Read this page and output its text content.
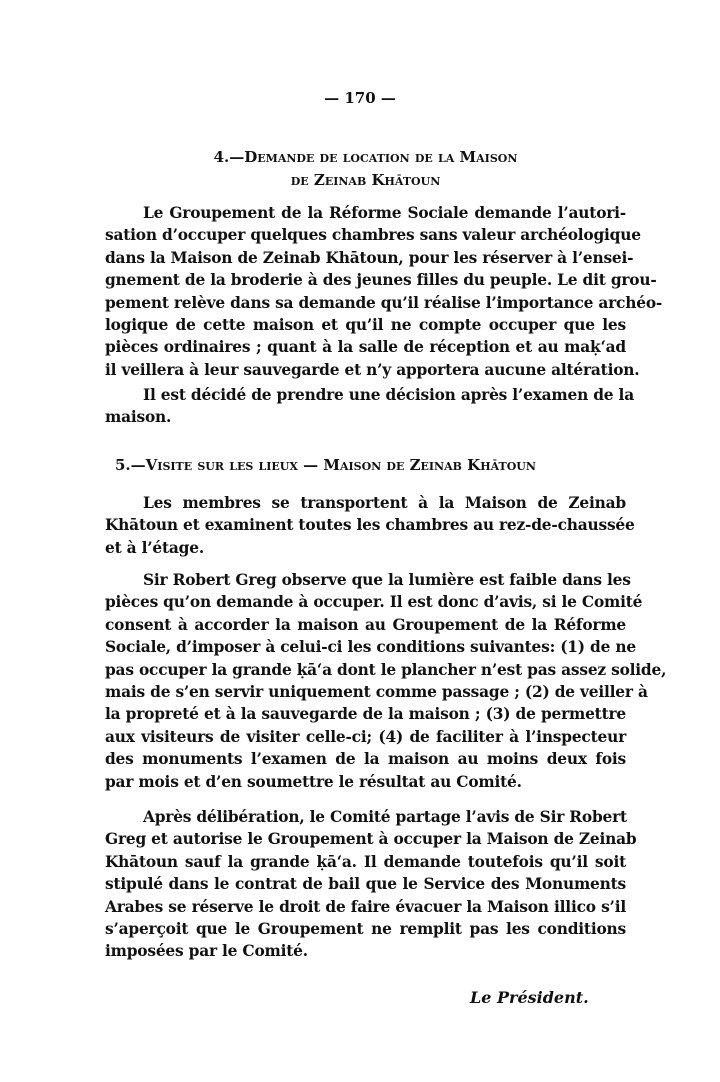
— 170 —
4.—Demande de location de la Maison
de Zeinab Khātoun
Le Groupement de la Réforme Sociale demande l’autori-
sation d’occuper quelques chambres sans valeur archéologique
dans la Maison de Zeinab Khātoun, pour les réserver à l’ensei-
gnement de la broderie à des jeunes filles du peuple. Le dit grou-
pement relève dans sa demande qu’il réalise l’importance archéo-
logique de cette maison et qu’il ne compte occuper que les
pièces ordinaires ; quant à la salle de réception et au maḳ‘ad
il veillera à leur sauvegarde et n’y apportera aucune altération.
Il est décidé de prendre une décision après l’examen de la
maison.
5.—Visite sur les lieux — Maison de Zeinab Khātoun
Les membres se transportent à la Maison de Zeinab
Khātoun et examinent toutes les chambres au rez-de-chaussée
et à l’étage.
Sir Robert Greg observe que la lumière est faible dans les
pièces qu’on demande à occuper. Il est donc d’avis, si le Comité
consent à accorder la maison au Groupement de la Réforme
Sociale, d’imposer à celui-ci les conditions suivantes: (1) de ne
pas occuper la grande ḳā‘a dont le plancher n’est pas assez solide,
mais de s’en servir uniquement comme passage ; (2) de veiller à
la propreté et à la sauvegarde de la maison ; (3) de permettre
aux visiteurs de visiter celle-ci; (4) de faciliter à l’inspecteur
des monuments l’examen de la maison au moins deux fois
par mois et d’en soumettre le résultat au Comité.
Après délibération, le Comité partage l’avis de Sir Robert
Greg et autorise le Groupement à occuper la Maison de Zeinab
Khātoun sauf la grande ḳā‘a. Il demande toutefois qu’il soit
stipulé dans le contrat de bail que le Service des Monuments
Arabes se réserve le droit de faire évacuer la Maison illico s’il
s’aperçoit que le Groupement ne remplit pas les conditions
imposées par le Comité.
Le Président.
